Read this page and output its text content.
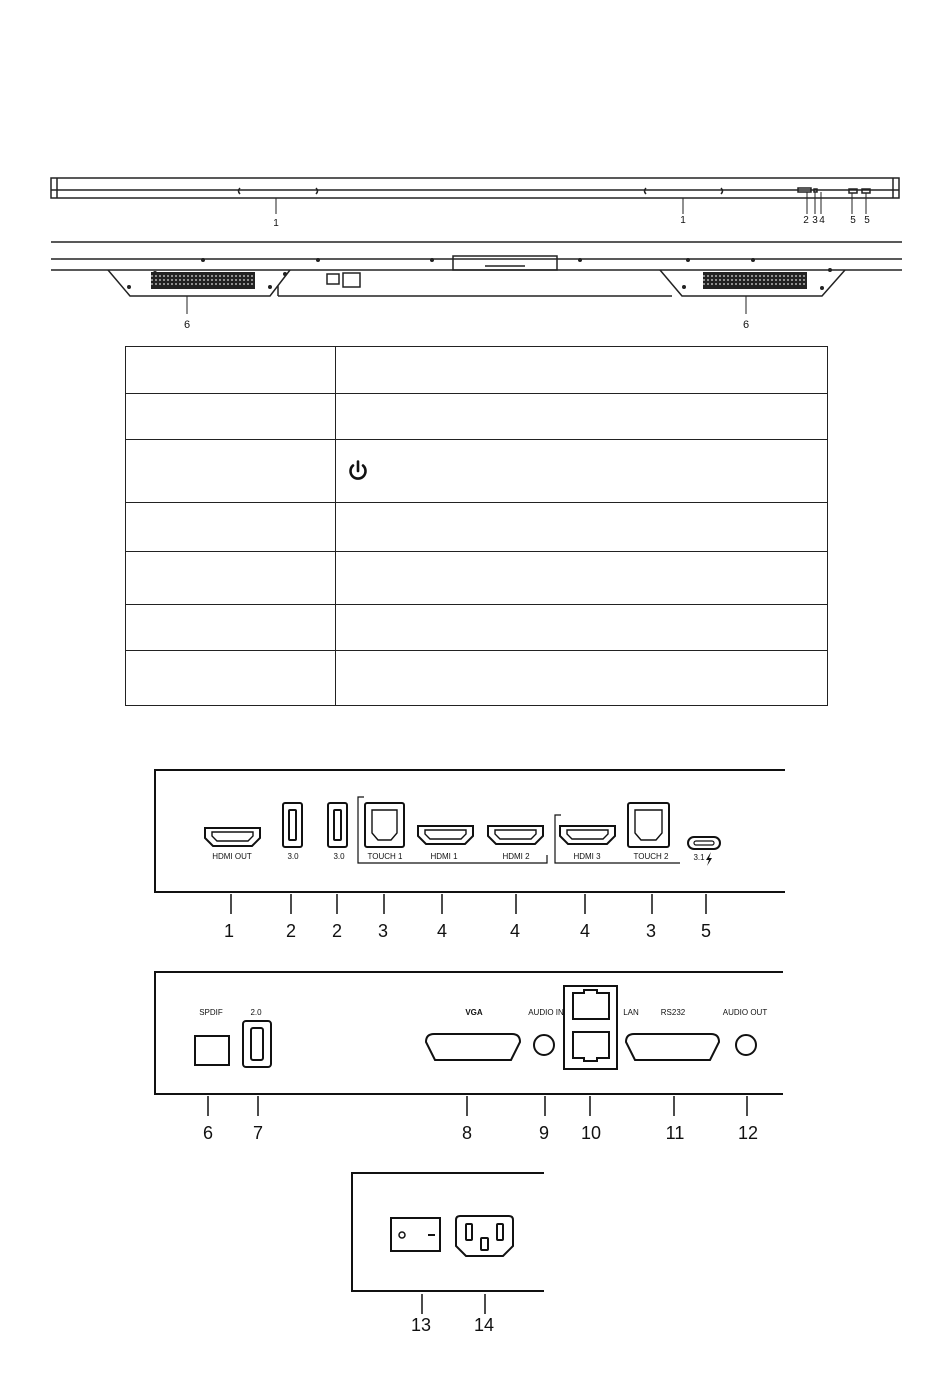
1	1	2 3 4	5 5
6	6

HDMI OUT	3.0	3.0	TOUCH 1	HDMI 1	HDMI 2	HDMI 3	TOUCH 2	3.1
1	2 2 3	4	4	4	3 5
SPDIF	2.0	VGA	AUDIO IN	LAN	RS232	AUDIO OUT
6 7	8	9 10	11	12
13 14
